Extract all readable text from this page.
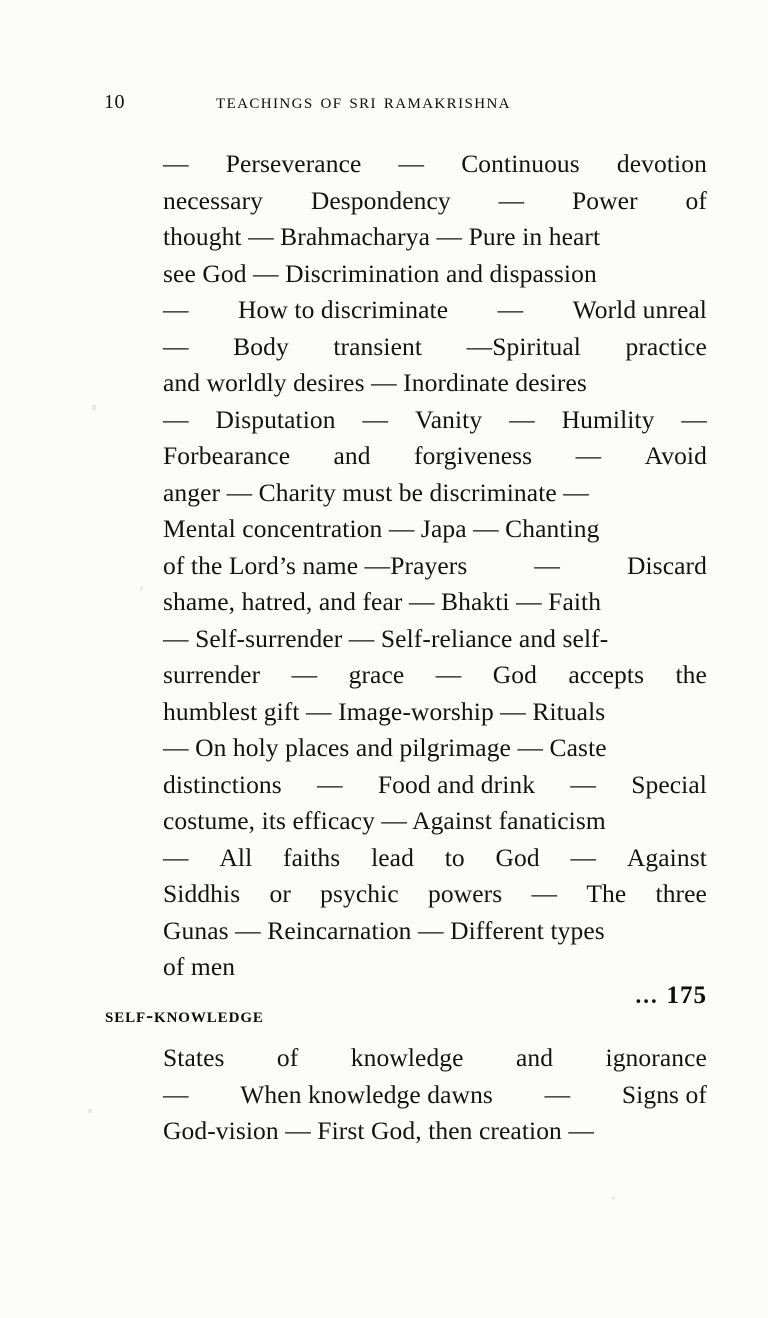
10	teachings of sri ramakrishna
— Perseverance — Continuous devotion
necessary Despondency — Power of
thought — Brahmacharya — Pure in heart
see God — Discrimination and dispassion
— How to discriminate — World unreal
— Body transient —Spiritual practice
and worldly desires — Inordinate desires
— Disputation — Vanity — Humility —
Forbearance and forgiveness — Avoid
anger — Charity must be discriminate —
Mental concentration — Japa — Chanting
of the Lord’s name —Prayers	—	Discard
shame, hatred, and fear — Bhakti — Faith
— Self-surrender — Self-reliance and self-
surrender — grace — God accepts the
humblest gift — Image-worship — Rituals
— On holy places and pilgrimage — Caste
distinctions — Food and drink — Special
costume, its efficacy — Against fanaticism
— All faiths lead to God — Against
Siddhis or psychic powers — The three
Gunas — Reincarnation — Different types
of men
... 175
self-knowledge
States of knowledge and ignorance
— When knowledge dawns — Signs of
God-vision — First God, then creation —
